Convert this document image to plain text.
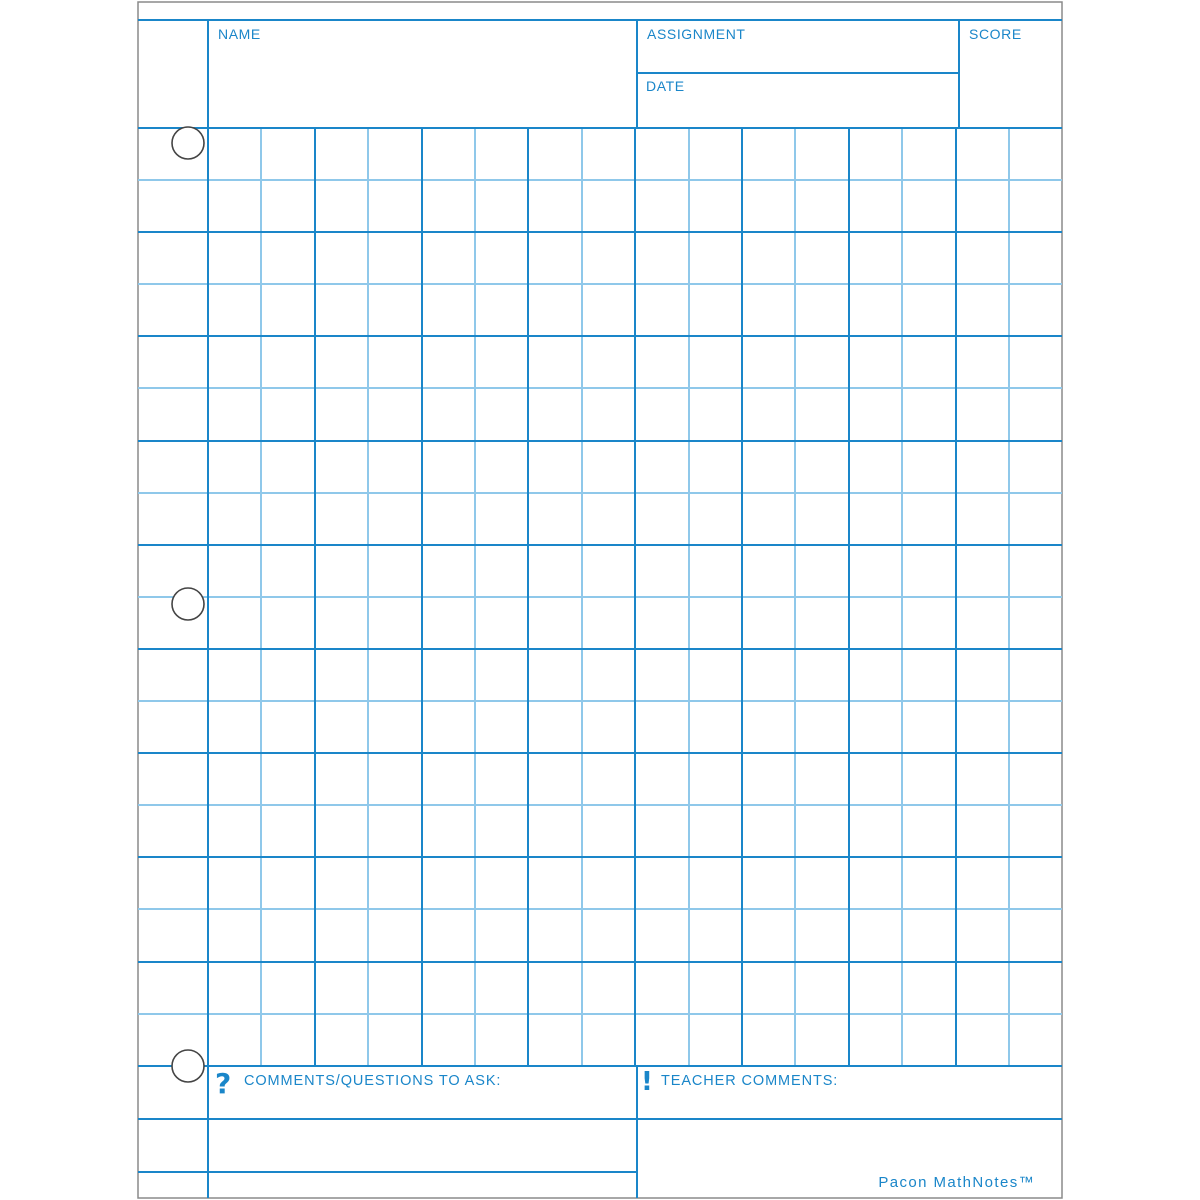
NAME	ASSIGNMENT
DATE
SCORE
? COMMENTS/QUESTIONS TO ASK:	! TEACHER COMMENTS:
Pacon MathNotes™
